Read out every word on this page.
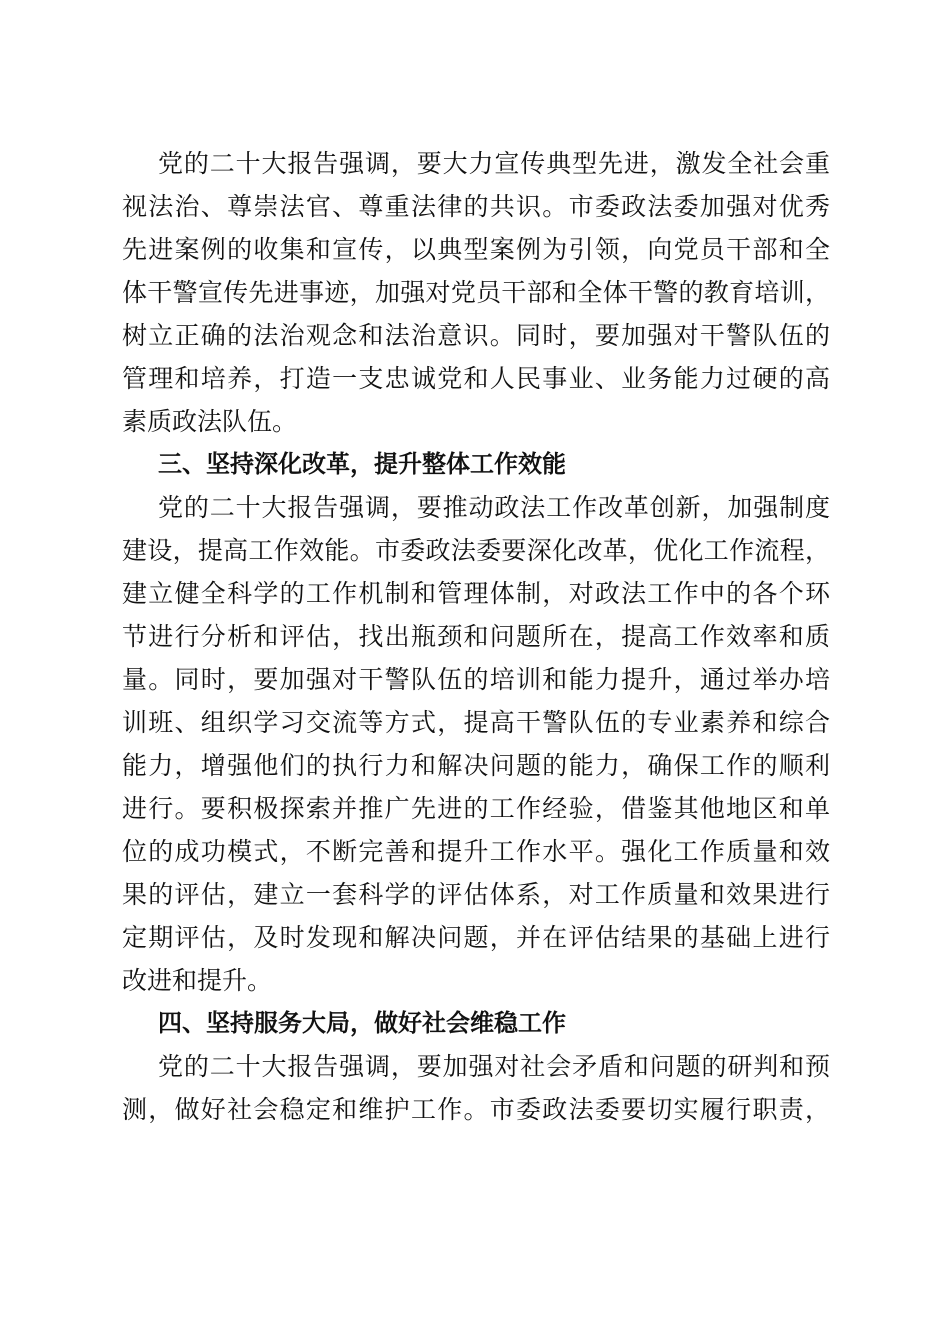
党的二十大报告强调，要大力宣传典型先进，激发全社会重
视法治、尊崇法官、尊重法律的共识。市委政法委加强对优秀
先进案例的收集和宣传，以典型案例为引领，向党员干部和全
体干警宣传先进事迹，加强对党员干部和全体干警的教育培训，
树立正确的法治观念和法治意识。同时，要加强对干警队伍的
管理和培养，打造一支忠诚党和人民事业、业务能力过硬的高
素质政法队伍。
三、坚持深化改革，提升整体工作效能
党的二十大报告强调，要推动政法工作改革创新，加强制度
建设，提高工作效能。市委政法委要深化改革，优化工作流程，
建立健全科学的工作机制和管理体制，对政法工作中的各个环
节进行分析和评估，找出瓶颈和问题所在，提高工作效率和质
量。同时，要加强对干警队伍的培训和能力提升，通过举办培
训班、组织学习交流等方式，提高干警队伍的专业素养和综合
能力，增强他们的执行力和解决问题的能力，确保工作的顺利
进行。要积极探索并推广先进的工作经验，借鉴其他地区和单
位的成功模式，不断完善和提升工作水平。强化工作质量和效
果的评估，建立一套科学的评估体系，对工作质量和效果进行
定期评估，及时发现和解决问题，并在评估结果的基础上进行
改进和提升。
四、坚持服务大局，做好社会维稳工作
党的二十大报告强调，要加强对社会矛盾和问题的研判和预
测，做好社会稳定和维护工作。市委政法委要切实履行职责，
